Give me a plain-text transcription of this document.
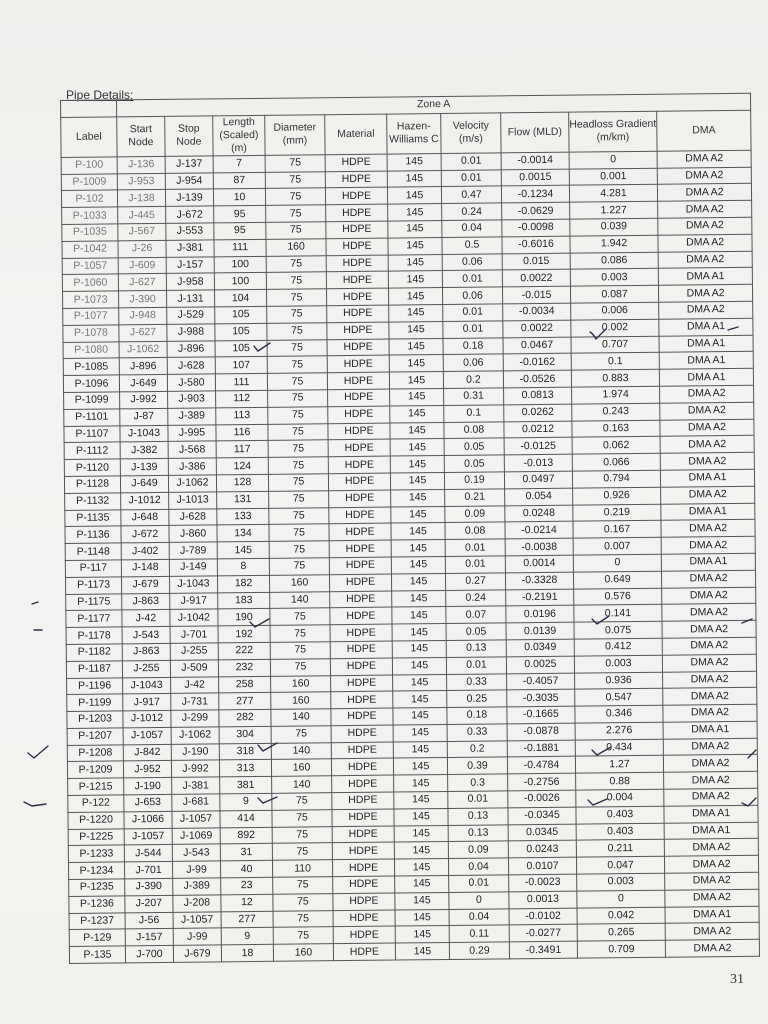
Pipe Details:
	Zone A									
Label	Start Node	Stop Node	Length (Scaled) (m)	Diameter (mm)	Material	Hazen-Williams C	Velocity (m/s)	Flow (MLD)	Headloss Gradient (m/km)	DMA
P-100	J-136	J-137	7	75	HDPE	145	0.01	-0.0014	0	DMA A2
P-1009	J-953	J-954	87	75	HDPE	145	0.01	0.0015	0.001	DMA A2
P-102	J-138	J-139	10	75	HDPE	145	0.47	-0.1234	4.281	DMA A2
P-1033	J-445	J-672	95	75	HDPE	145	0.24	-0.0629	1.227	DMA A2
P-1035	J-567	J-553	95	75	HDPE	145	0.04	-0.0098	0.039	DMA A2
P-1042	J-26	J-381	111	160	HDPE	145	0.5	-0.6016	1.942	DMA A2
P-1057	J-609	J-157	100	75	HDPE	145	0.06	0.015	0.086	DMA A2
P-1060	J-627	J-958	100	75	HDPE	145	0.01	0.0022	0.003	DMA A1
P-1073	J-390	J-131	104	75	HDPE	145	0.06	-0.015	0.087	DMA A2
P-1077	J-948	J-529	105	75	HDPE	145	0.01	-0.0034	0.006	DMA A2
P-1078	J-627	J-988	105	75	HDPE	145	0.01	0.0022	0.002	DMA A1
P-1080	J-1062	J-896	105	75	HDPE	145	0.18	0.0467	0.707	DMA A1
P-1085	J-896	J-628	107	75	HDPE	145	0.06	-0.0162	0.1	DMA A1
P-1096	J-649	J-580	111	75	HDPE	145	0.2	-0.0526	0.883	DMA A1
P-1099	J-992	J-903	112	75	HDPE	145	0.31	0.0813	1.974	DMA A2
P-1101	J-87	J-389	113	75	HDPE	145	0.1	0.0262	0.243	DMA A2
P-1107	J-1043	J-995	116	75	HDPE	145	0.08	0.0212	0.163	DMA A2
P-1112	J-382	J-568	117	75	HDPE	145	0.05	-0.0125	0.062	DMA A2
P-1120	J-139	J-386	124	75	HDPE	145	0.05	-0.013	0.066	DMA A2
P-1128	J-649	J-1062	128	75	HDPE	145	0.19	0.0497	0.794	DMA A1
P-1132	J-1012	J-1013	131	75	HDPE	145	0.21	0.054	0.926	DMA A2
P-1135	J-648	J-628	133	75	HDPE	145	0.09	0.0248	0.219	DMA A1
P-1136	J-672	J-860	134	75	HDPE	145	0.08	-0.0214	0.167	DMA A2
P-1148	J-402	J-789	145	75	HDPE	145	0.01	-0.0038	0.007	DMA A2
P-117	J-148	J-149	8	75	HDPE	145	0.01	0.0014	0	DMA A1
P-1173	J-679	J-1043	182	160	HDPE	145	0.27	-0.3328	0.649	DMA A2
P-1175	J-863	J-917	183	140	HDPE	145	0.24	-0.2191	0.576	DMA A2
P-1177	J-42	J-1042	190	75	HDPE	145	0.07	0.0196	0.141	DMA A2
P-1178	J-543	J-701	192	75	HDPE	145	0.05	0.0139	0.075	DMA A2
P-1182	J-863	J-255	222	75	HDPE	145	0.13	0.0349	0.412	DMA A2
P-1187	J-255	J-509	232	75	HDPE	145	0.01	0.0025	0.003	DMA A2
P-1196	J-1043	J-42	258	160	HDPE	145	0.33	-0.4057	0.936	DMA A2
P-1199	J-917	J-731	277	160	HDPE	145	0.25	-0.3035	0.547	DMA A2
P-1203	J-1012	J-299	282	140	HDPE	145	0.18	-0.1665	0.346	DMA A2
P-1207	J-1057	J-1062	304	75	HDPE	145	0.33	-0.0878	2.276	DMA A1
P-1208	J-842	J-190	318	140	HDPE	145	0.2	-0.1881	0.434	DMA A2
P-1209	J-952	J-992	313	160	HDPE	145	0.39	-0.4784	1.27	DMA A2
P-1215	J-190	J-381	381	140	HDPE	145	0.3	-0.2756	0.88	DMA A2
P-122	J-653	J-681	9	75	HDPE	145	0.01	-0.0026	0.004	DMA A2
P-1220	J-1066	J-1057	414	75	HDPE	145	0.13	-0.0345	0.403	DMA A1
P-1225	J-1057	J-1069	892	75	HDPE	145	0.13	0.0345	0.403	DMA A1
P-1233	J-544	J-543	31	75	HDPE	145	0.09	0.0243	0.211	DMA A2
P-1234	J-701	J-99	40	110	HDPE	145	0.04	0.0107	0.047	DMA A2
P-1235	J-390	J-389	23	75	HDPE	145	0.01	-0.0023	0.003	DMA A2
P-1236	J-207	J-208	12	75	HDPE	145	0	0.0013	0	DMA A2
P-1237	J-56	J-1057	277	75	HDPE	145	0.04	-0.0102	0.042	DMA A1
P-129	J-157	J-99	9	75	HDPE	145	0.11	-0.0277	0.265	DMA A2
P-135	J-700	J-679	18	160	HDPE	145	0.29	-0.3491	0.709	DMA A2
31
